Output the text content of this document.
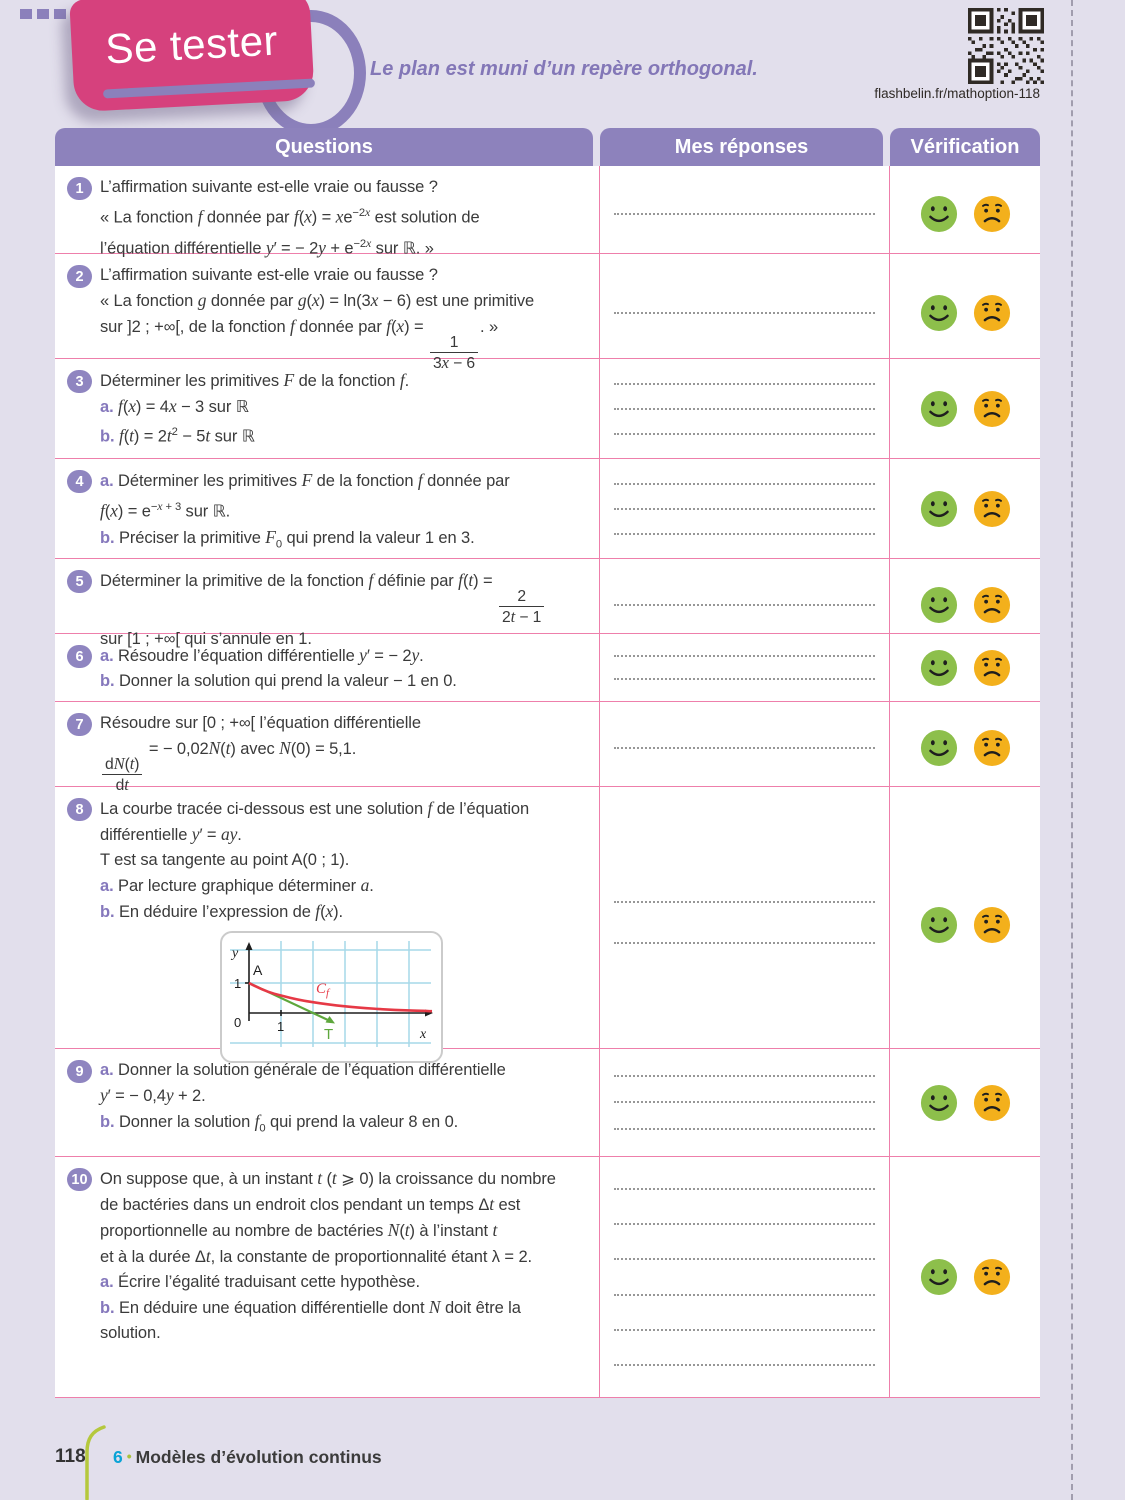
Se tester	Le plan est muni d’un repère orthogonal.
flashbelin.fr/mathoption-118
Questions	Mes réponses	Vérification
1 L’affirmation suivante est-elle vraie ou fausse ?
« La fonction f donnée par $f(x) = xe^{-2x}$ est solution de
l’équation différentielle y′ = − $2y + e^{-2x}$ sur ℝ. »
2 L’affirmation suivante est-elle vraie ou fausse ?
« La fonction g donnée par g(x) = ln(3x − 6) est une primitive
sur ]2 ; +∞[, de la fonction f donnée par f(x) =
$\frac{1}{3x - 6}$
. »
3 Déterminer les primitives F de la fonction f.
a. f(x) = 4x − 3 sur ℝ
b. $f(t) = 2t^2 - 5t$ sur ℝ
4 a. Déterminer les primitives F de la fonction f donnée par
$f(x) = e^{-x + 3}$ sur ℝ.
b. Préciser la primitive $F_0$ qui prend la valeur 1 en 3.
5 Déterminer la primitive de la fonction f définie par f(t) =
$\frac{2}{2t - 1}$

sur [1 ; +∞[ qui s’annule en 1.
6 a. Résoudre l’équation différentielle y′ = − 2y.
b. Donner la solution qui prend la valeur − 1 en 0.
7 Résoudre sur [0 ; +∞[ l’équation différentielle

$\frac{dN(t)}{dt}$
= − 0,02N(t) avec N(0) = 5,1.
8 La courbe tracée ci-dessous est une solution f de l’équation
différentielle y′ = ay.
T est sa tangente au point A(0 ; 1).
a. Par lecture graphique déterminer a.
b. En déduire l’expression de f(x).
y
x
0
1
1
A
T
$C_f$
9 a. Donner la solution générale de l’équation différentielle
y′ = − 0,4y + 2.
b. Donner la solution $f_0$ qui prend la valeur 8 en 0.
10 On suppose que, à un instant t (t ⩾ 0) la croissance du nombre
de bactéries dans un endroit clos pendant un temps Δt est
proportionnelle au nombre de bactéries N(t) à l’instant t
et à la durée Δt, la constante de proportionnalité étant λ = 2.
a. Écrire l’égalité traduisant cette hypothèse.
b. En déduire une équation différentielle dont N doit être la
solution.
118 6 • Modèles d’évolution continus
